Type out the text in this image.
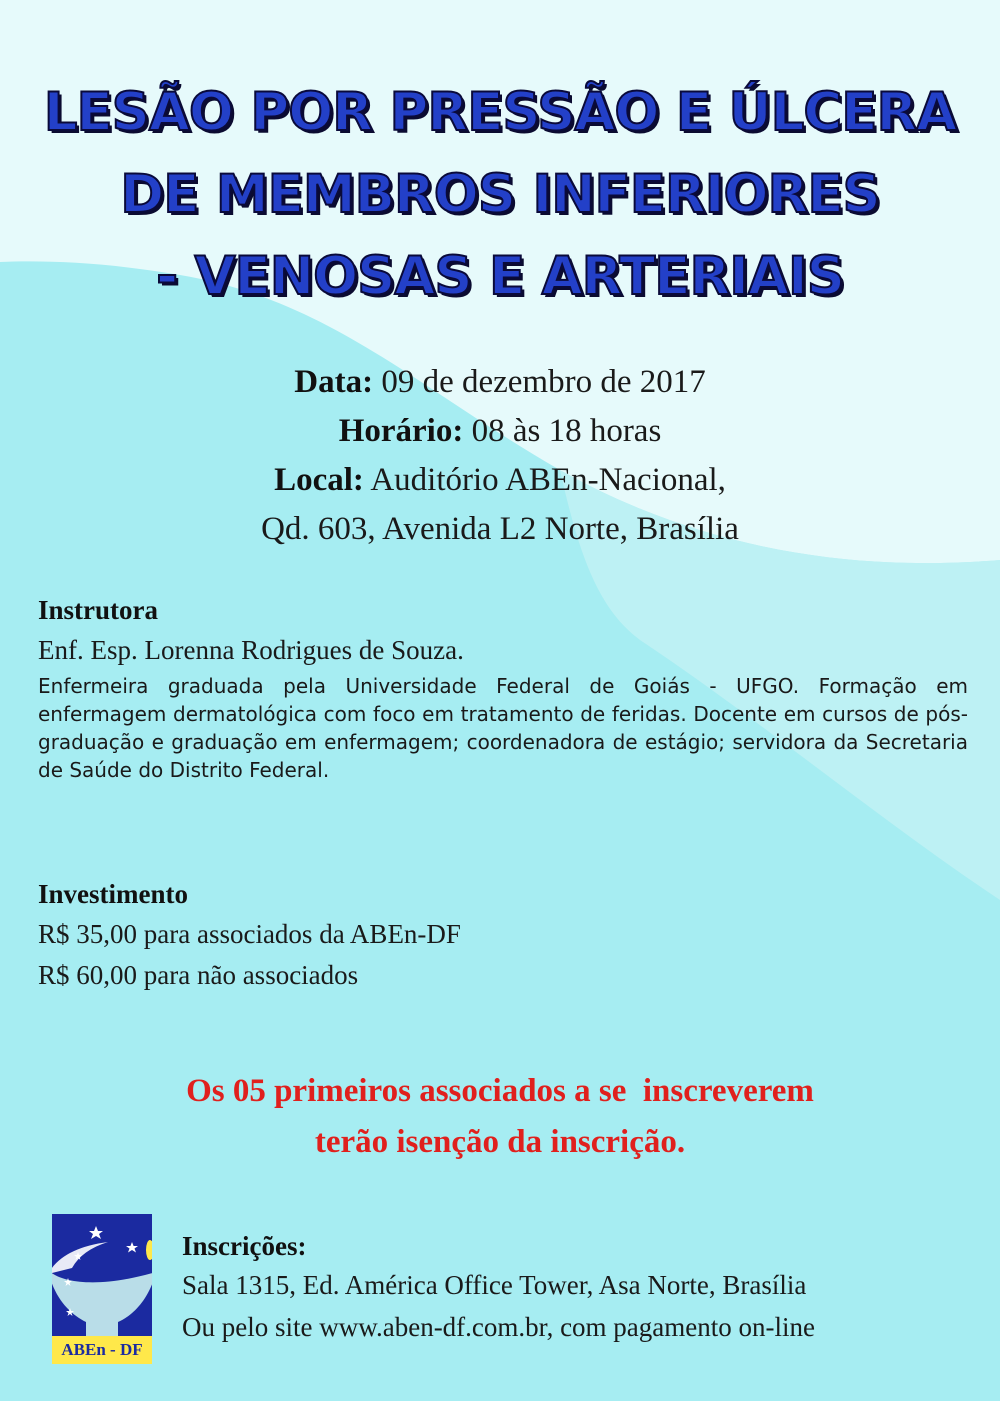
LESÃO POR PRESSÃO E ÚLCERA
DE MEMBROS INFERIORES
- VENOSAS E ARTERIAIS
Data: 09 de dezembro de 2017
Horário: 08 às 18 horas
Local: Auditório ABEn-Nacional,
Qd. 603, Avenida L2 Norte, Brasília
Instrutora
Enf. Esp. Lorenna Rodrigues de Souza.
Enfermeira graduada pela Universidade Federal de Goiás - UFGO. Formação em enfermagem dermatológica com foco em tratamento de feridas. Docente em cursos de pós-graduação e graduação em enfermagem; coordenadora de estágio; servidora da Secretaria de Saúde do Distrito Federal.
Investimento
R$ 35,00 para associados da ABEn-DF
R$ 60,00 para não associados
Os 05 primeiros associados a se  inscreverem
terão isenção da inscrição.
ABEn - DF
Inscrições:
Sala 1315, Ed. América Office Tower, Asa Norte, Brasília
Ou pelo site www.aben-df.com.br, com pagamento on-line
